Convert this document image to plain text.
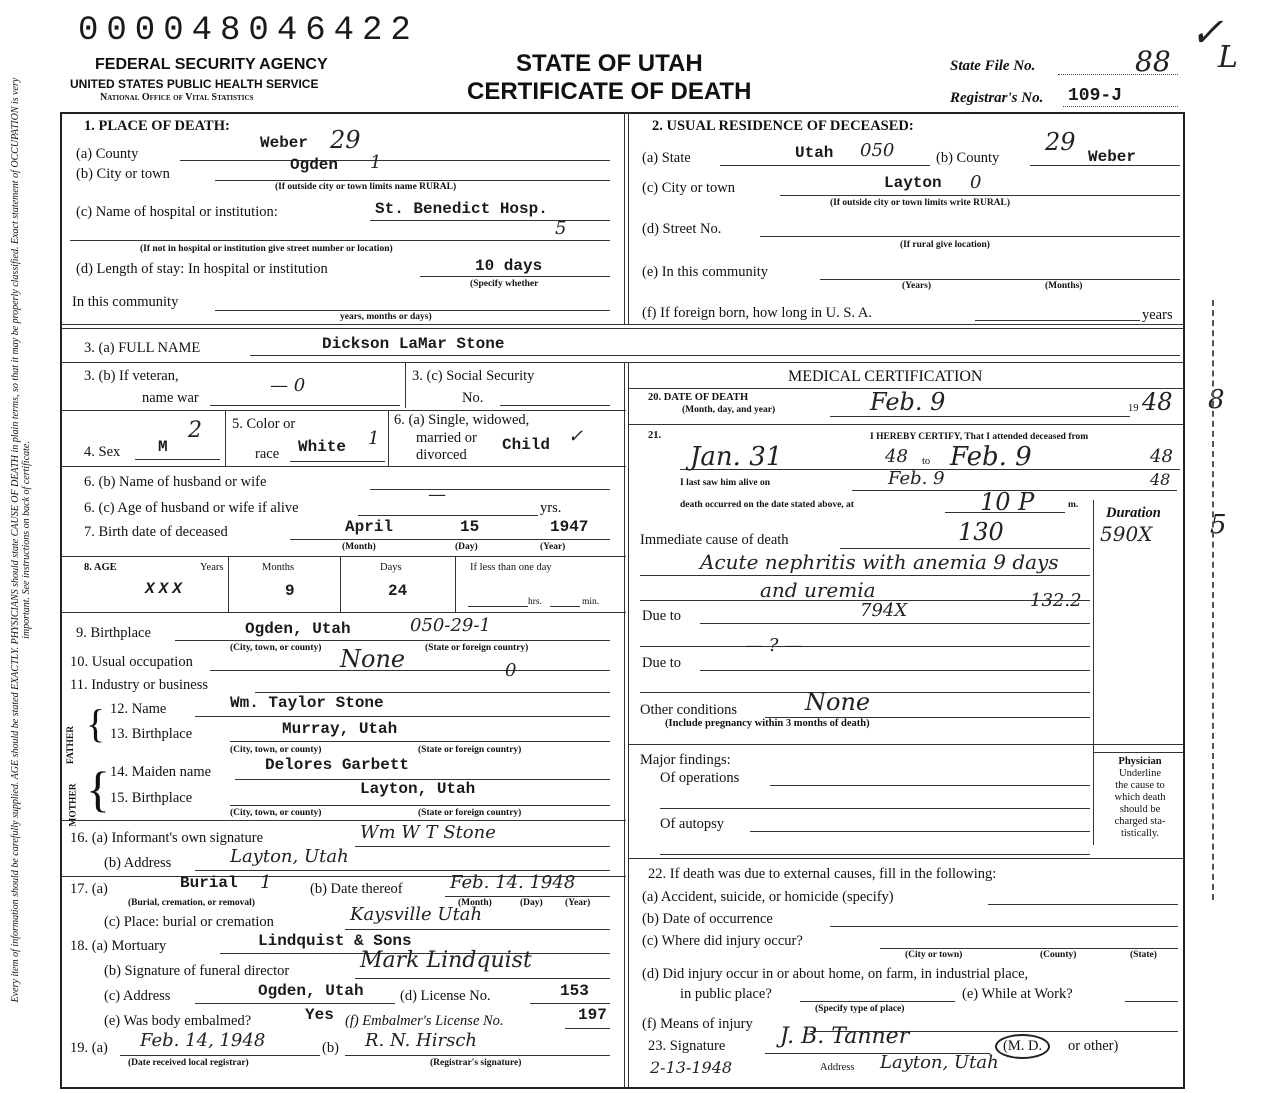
Every item of information should be carefully supplied. AGE should be stated EXACTLY. PHYSICIANS should state CAUSE OF DEATH in plain terms, so that it may be properly classified. Exact statement of OCCUPATION is very important. See instructions on back of certificate.
000048046422
FEDERAL SECURITY AGENCY
UNITED STATES PUBLIC HEALTH SERVICE
National Office of Vital Statistics
STATE OF UTAH
CERTIFICATE OF DEATH
State File No.	88
Registrar's No. 109-J
✓
L
1. PLACE OF DEATH:
(a) County
Weber 29
(b) City or town	Ogden 1
(If outside city or town limits name RURAL)
(c) Name of hospital or institution:	St. Benedict Hosp.
5
(If not in hospital or institution give street number or location)
(d) Length of stay: In hospital or institution	10 days
(Specify whether
In this community
years, months or days)
2. USUAL RESIDENCE OF DECEASED:
(a) State	Utah 050	(b) County	Weber
29
(c) City or town	Layton 0
(If outside city or town limits write RURAL)
(d) Street No.
(If rural give location)
(e) In this community
(Years)	(Months)
(f) If foreign born, how long in U. S. A.	years
3. (a) FULL NAME	Dickson LaMar Stone
3. (b) If veteran,
name war
— 0	3. (c) Social Security
No.
4. Sex M
2 5. Color or
race White 1
6. (a) Single, widowed,
married or
divorced
Child ✓
6. (b) Name of husband or wife
6. (c) Age of husband or wife if alive
—
yrs.
7. Birth date of deceased	April	15	1947
(Month)	(Day)	(Year)
8. AGE	Years
XXX
Months
9
Days
24
If less than one day
hrs.	min.
9. Birthplace	Ogden, Utah	050-29-1
(City, town, or county)	(State or foreign country)
10. Usual occupation	None	0
11. Industry or business
MOTHER
FATHER {
{
12. Name	Wm. Taylor Stone
13. Birthplace	Murray, Utah
(City, town, or county)	(State or foreign country)
14. Maiden name	Delores Garbett
15. Birthplace	Layton, Utah
(City, town, or county)	(State or foreign country)
16. (a) Informant's own signature	Wm W T Stone
(b) Address	Layton, Utah
17. (a)	Burial 1
(Burial, cremation, or removal)
(b) Date thereof	Feb. 14. 1948
(Month)	(Day) (Year)
(c) Place: burial or cremation	Kaysville Utah
18. (a) Mortuary	Lindquist & Sons
(b) Signature of funeral director	Mark Lindquist
(c) Address	Ogden, Utah	(d) License No.	153
(e) Was body embalmed?	Yes (f) Embalmer's License No.	197
19. (a) Feb. 14, 1948	(b) R. N. Hirsch
(Date received local registrar)	(Registrar's signature)
MEDICAL CERTIFICATION
20. DATE OF DEATH
(Month, day, and year)	Feb. 9	19 48
21.	I HEREBY CERTIFY, That I attended deceased from
Jan. 31	48 to Feb. 9	48
I last saw him alive on	Feb. 9	48
death occurred on the date stated above, at	10 P	m. Duration
590X
Immediate cause of death	130
Acute nephritis with anemia 9 days
and uremia	132.2
Due to	794X
— ? —
Due to
Other conditions	None
(Include pregnancy within 3 months of death)
Major findings:
Of operations
Of autopsy
Physician
Underline
the cause to
which death
should be
charged sta-
tistically.
22. If death was due to external causes, fill in the following:
(a) Accident, suicide, or homicide (specify)
(b) Date of occurrence
(c) Where did injury occur?
(City or town)	(County)	(State)
(d) Did injury occur in or about home, on farm, in industrial place,
in public place?	(e) While at Work?
(Specify type of place)
(f) Means of injury
23. Signature J. B. Tanner	(M. D.	or other)
2-13-1948	Address Layton, Utah
8
5
